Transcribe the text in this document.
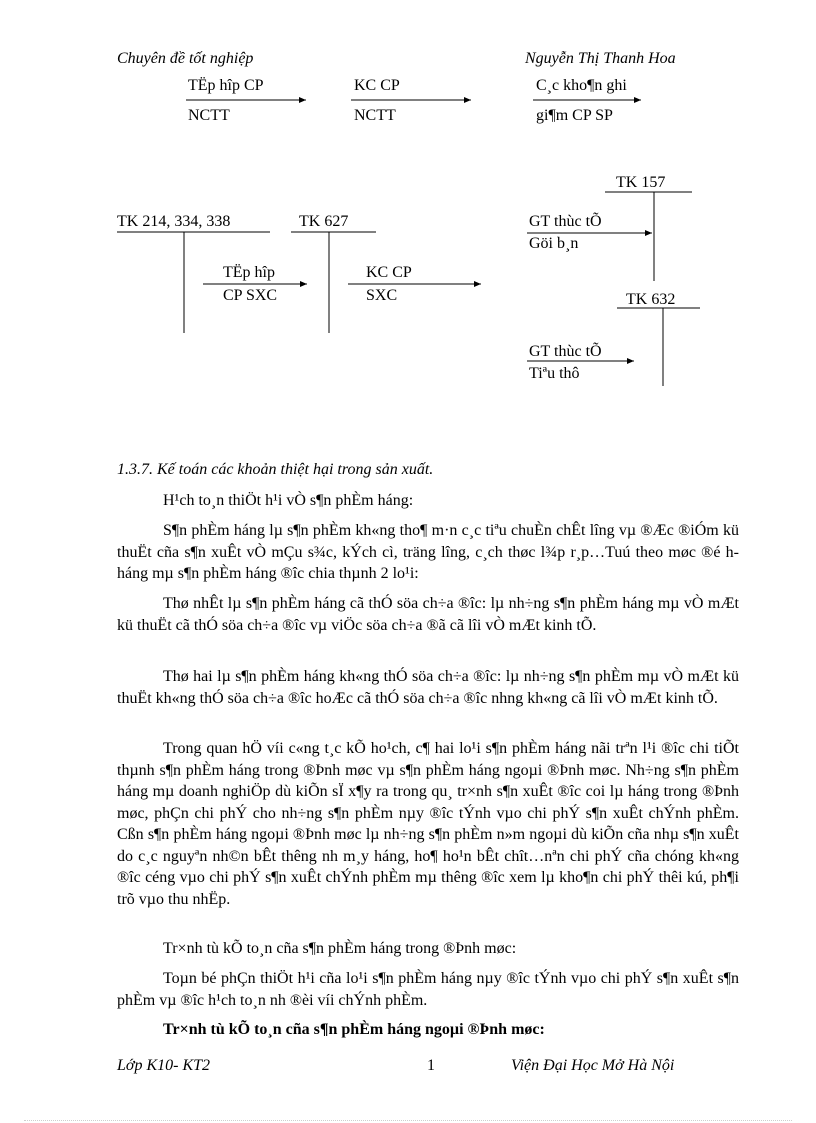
Chuyên đề tốt nghiệp	Nguyễn Thị Thanh Hoa
TËp hîp CP
NCTT
KC CP
NCTT
C¸c kho¶n ghi
gi¶m CP SP
TK 214, 334, 338	TK 627
TK 157
TK 632
TËp hîp
CP SXC
KC CP
SXC
GT thùc tÕ
Göi b¸n
GT thùc tÕ
Tiªu thô
1.3.7. Kế toán các khoản thiệt hại trong sản xuất.
H¹ch to¸n thiÖt h¹i vÒ s¶n phÈm háng:
S¶n phÈm háng lµ s¶n phÈm kh«ng tho¶ m·n c¸c tiªu chuÈn chÊt lîng vµ ®Æc ®iÓm kü thuËt cña s¶n xuÊt vÒ mÇu s¾c, kÝch cì, träng lîng, c¸ch thøc l¾p r¸p…Tuú theo møc ®é h háng mµ s¶n phÈm háng ®îc chia thµnh 2 lo¹i:
Thø nhÊt lµ s¶n phÈm háng cã thÓ söa ch÷a ®îc: lµ nh÷ng s¶n phÈm háng mµ vÒ mÆt kü thuËt cã thÓ söa ch÷a ®îc vµ viÖc söa ch÷a ®ã cã lîi vÒ mÆt kinh tÕ.
Thø hai lµ s¶n phÈm háng kh«ng thÓ söa ch÷a ®îc: lµ nh÷ng s¶n phÈm mµ vÒ mÆt kü thuËt kh«ng thÓ söa ch÷a ®îc hoÆc cã thÓ söa ch÷a ®îc nhng kh«ng cã lîi vÒ mÆt kinh tÕ.
Trong quan hÖ víi c«ng t¸c kÕ ho¹ch, c¶ hai lo¹i s¶n phÈm háng nãi trªn l¹i ®îc chi tiÕt thµnh s¶n phÈm háng trong ®Þnh møc vµ s¶n phÈm háng ngoµi ®Þnh møc. Nh÷ng s¶n phÈm háng mµ doanh nghiÖp dù kiÕn sÏ x¶y ra trong qu¸ tr×nh s¶n xuÊt ®îc coi lµ háng trong ®Þnh møc, phÇn chi phÝ cho nh÷ng s¶n phÈm nµy ®îc tÝnh vµo chi phÝ s¶n xuÊt chÝnh phÈm. Cßn s¶n phÈm háng ngoµi ®Þnh møc lµ nh÷ng s¶n phÈm n»m ngoµi dù kiÕn cña nhµ s¶n xuÊt do c¸c nguyªn nh©n bÊt thêng nh m¸y háng, ho¶ ho¹n bÊt chît…nªn chi phÝ cña chóng kh«ng ®îc céng vµo chi phÝ s¶n xuÊt chÝnh phÈm mµ thêng ®îc xem lµ kho¶n chi phÝ thêi kú, ph¶i trõ vµo thu nhËp.
Tr×nh tù kÕ to¸n cña s¶n phÈm háng trong ®Þnh møc:
Toµn bé phÇn thiÖt h¹i cña lo¹i s¶n phÈm háng nµy ®îc tÝnh vµo chi phÝ s¶n xuÊt s¶n phÈm vµ ®îc h¹ch to¸n nh ®èi víi chÝnh phÈm.
Tr×nh tù kÕ to¸n cña s¶n phÈm háng ngoµi ®Þnh møc:
Lớp K10- KT2	1	Viện Đại Học Mở Hà Nội
